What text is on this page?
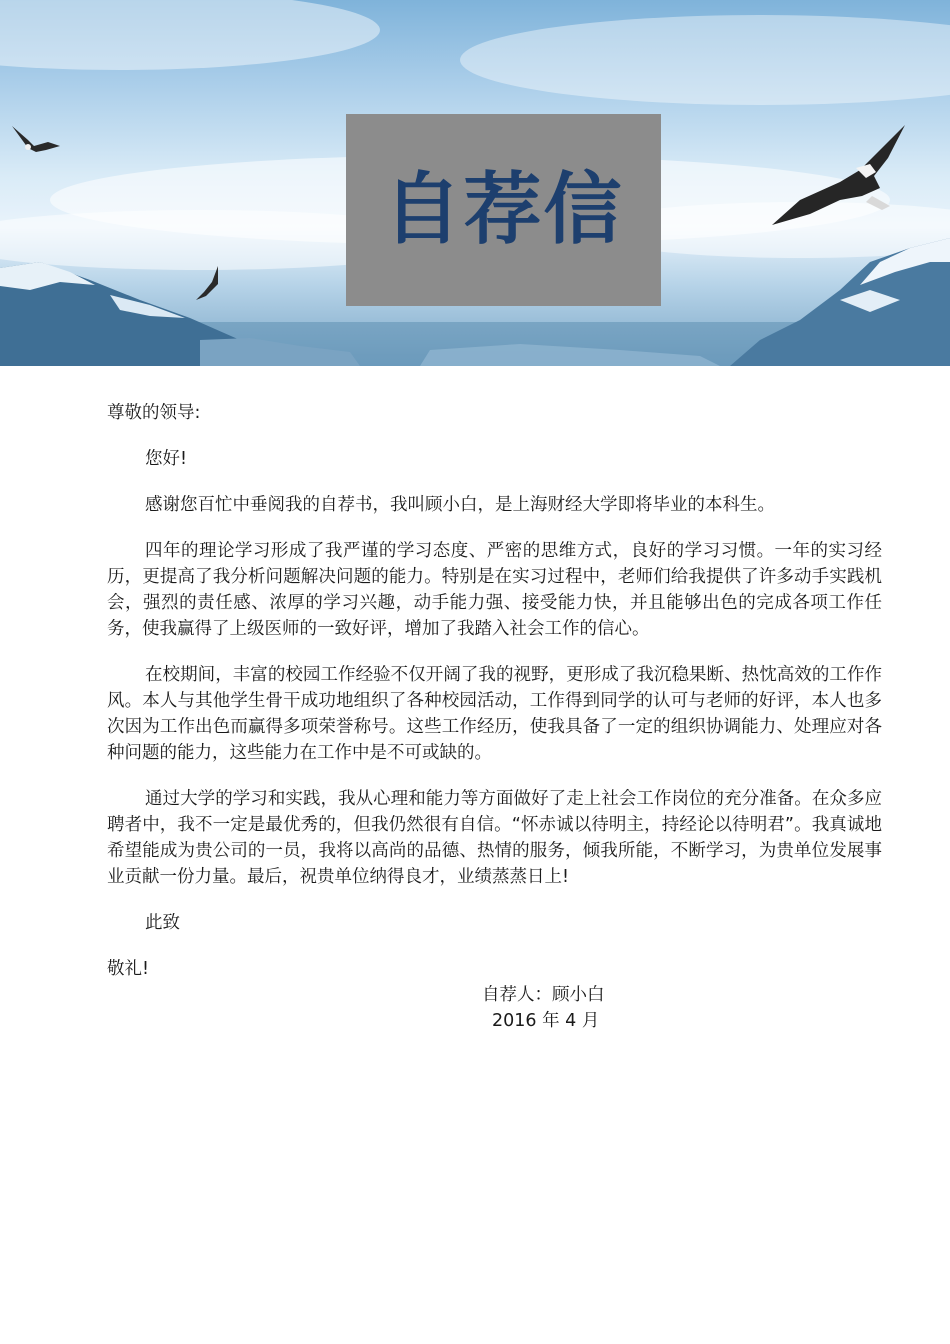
自荐信

尊敬的领导:

您好!

感谢您百忙中垂阅我的自荐书，我叫顾小白，是上海财经大学即将毕业的本科生。

四年的理论学习形成了我严谨的学习态度、严密的思维方式，良好的学习习惯。一年的实习经历，更提高了我分析问题解决问题的能力。特别是在实习过程中，老师们给我提供了许多动手实践机会，强烈的责任感、浓厚的学习兴趣，动手能力强、接受能力快，并且能够出色的完成各项工作任务，使我赢得了上级医师的一致好评，增加了我踏入社会工作的信心。

在校期间，丰富的校园工作经验不仅开阔了我的视野，更形成了我沉稳果断、热忱高效的工作作风。本人与其他学生骨干成功地组织了各种校园活动，工作得到同学的认可与老师的好评，本人也多次因为工作出色而赢得多项荣誉称号。这些工作经历，使我具备了一定的组织协调能力、处理应对各种问题的能力，这些能力在工作中是不可或缺的。

通过大学的学习和实践，我从心理和能力等方面做好了走上社会工作岗位的充分准备。在众多应聘者中，我不一定是最优秀的，但我仍然很有自信。“怀赤诚以待明主，持经论以待明君”。我真诚地希望能成为贵公司的一员，我将以高尚的品德、热情的服务，倾我所能，不断学习，为贵单位发展事业贡献一份力量。最后，祝贵单位纳得良才，业绩蒸蒸日上!

此致

敬礼!

自荐人：顾小白

2016 年 4 月
